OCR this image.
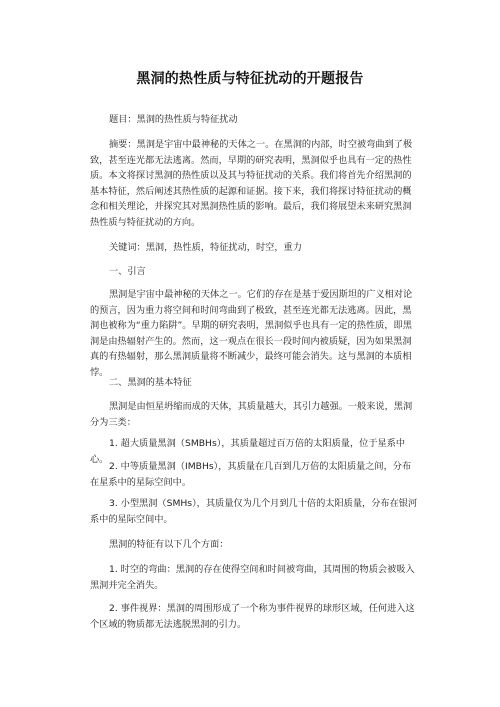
黑洞的热性质与特征扰动的开题报告

题目：黑洞的热性质与特征扰动

摘要：黑洞是宇宙中最神秘的天体之一。在黑洞的内部，时空被弯曲到了极致，甚至连光都无法逃离。然而，早期的研究表明，黑洞似乎也具有一定的热性质。本文将探讨黑洞的热性质以及其与特征扰动的关系。我们将首先介绍黑洞的基本特征，然后阐述其热性质的起源和证据。接下来，我们将探讨特征扰动的概念和相关理论，并探究其对黑洞热性质的影响。最后，我们将展望未来研究黑洞热性质与特征扰动的方向。

关键词：黑洞，热性质，特征扰动，时空，重力

一、引言

黑洞是宇宙中最神秘的天体之一。它们的存在是基于爱因斯坦的广义相对论的预言，因为重力将空间和时间弯曲到了极致，甚至连光都无法逃离。因此，黑洞也被称为“重力陷阱”。早期的研究表明，黑洞似乎也具有一定的热性质，即黑洞是由热辐射产生的。然而，这一观点在很长一段时间内被质疑，因为如果黑洞真的有热辐射，那么黑洞质量将不断减少，最终可能会消失。这与黑洞的本质相悖。

二、黑洞的基本特征

黑洞是由恒星坍缩而成的天体，其质量越大，其引力越强。一般来说，黑洞分为三类：

1. 超大质量黑洞（SMBHs），其质量超过百万倍的太阳质量，位于星系中心。

2. 中等质量黑洞（IMBHs），其质量在几百到几万倍的太阳质量之间，分布在星系中的星际空间中。

3. 小型黑洞（SMHs），其质量仅为几个月到几十倍的太阳质量，分布在银河系中的星际空间中。

黑洞的特征有以下几个方面：

1. 时空的弯曲：黑洞的存在使得空间和时间被弯曲，其周围的物质会被吸入黑洞并完全消失。

2. 事件视界：黑洞的周围形成了一个称为事件视界的球形区域，任何进入这个区域的物质都无法逃脱黑洞的引力。
